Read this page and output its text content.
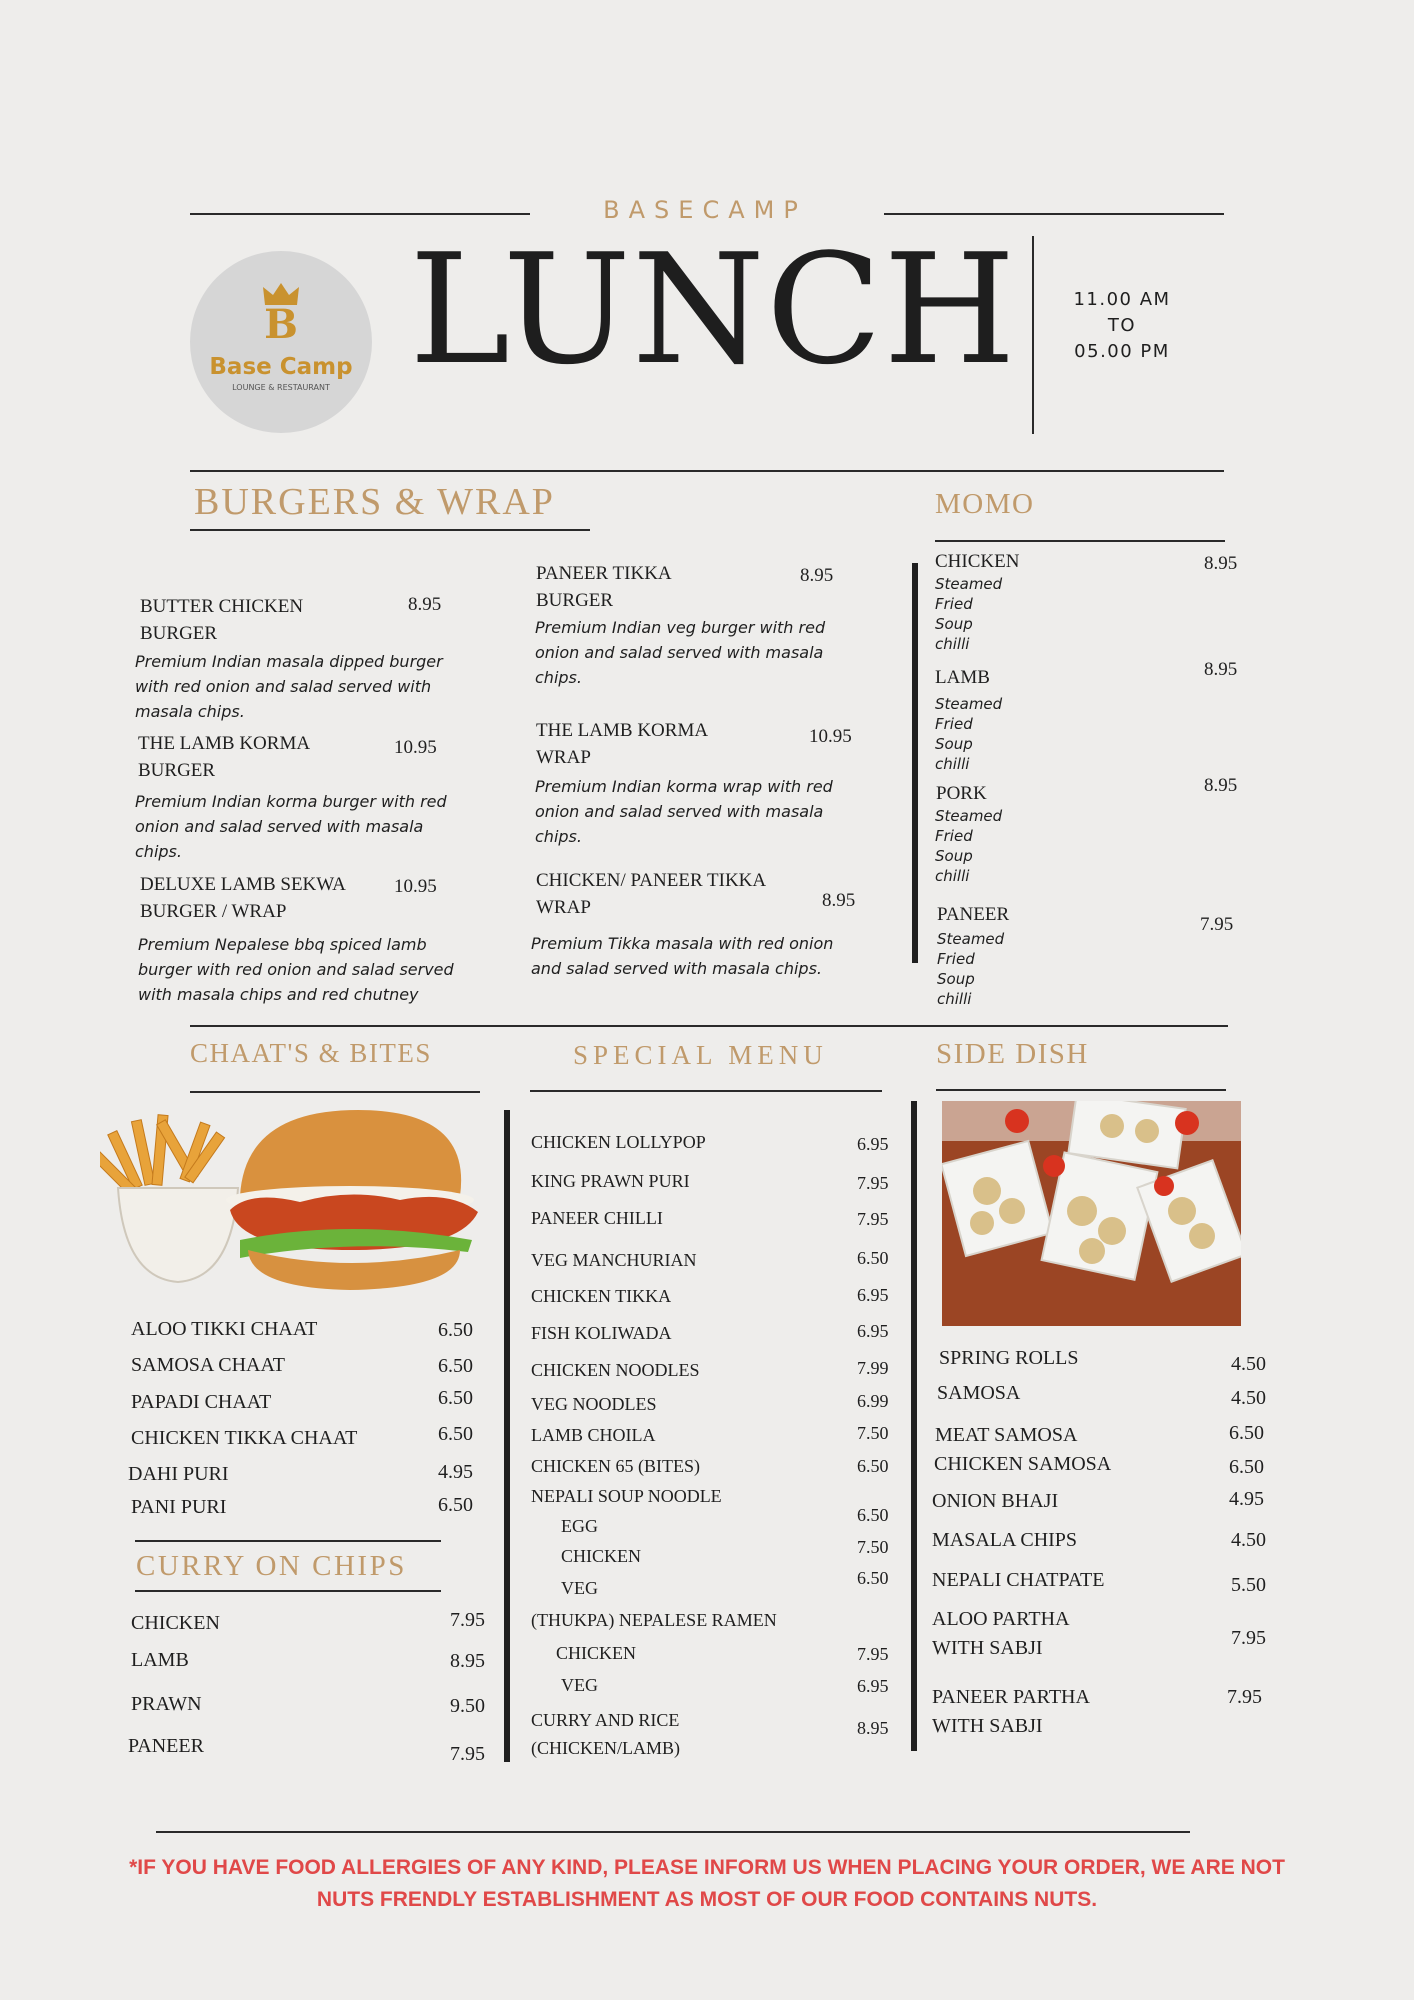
BASECAMP
B
Base Camp
LOUNGE & RESTAURANT LUNCH	11.00 AM
TO
05.00 PM
BURGERS & WRAP
BUTTER CHICKEN
BURGER
8.95
Premium Indian masala dipped burger
with red onion and salad served with
masala chips.
THE LAMB KORMA
BURGER
10.95
Premium Indian korma burger with red
onion and salad served with masala
chips.
DELUXE LAMB SEKWA
BURGER / WRAP
10.95
Premium Nepalese bbq spiced lamb
burger with red onion and salad served
with masala chips and red chutney
PANEER TIKKA
BURGER
8.95
Premium Indian veg burger with red
onion and salad served with masala
chips.
THE LAMB KORMA
WRAP
10.95
Premium Indian korma wrap with red
onion and salad served with masala
chips.
CHICKEN/ PANEER TIKKA
WRAP	8.95
Premium Tikka masala with red onion
and salad served with masala chips.
MOMO
CHICKEN	8.95
Steamed
Fried
Soup
chilli
LAMB	8.95
Steamed
Fried
Soup
chilli
PORK	8.95
Steamed
Fried
Soup
chilli
PANEER	7.95
Steamed
Fried
Soup
chilli
CHAAT'S & BITES
ALOO TIKKI CHAAT	6.50
SAMOSA CHAAT	6.50
PAPADI CHAAT	6.50
CHICKEN TIKKA CHAAT	6.50
DAHI PURI	4.95
PANI PURI	6.50
CURRY ON CHIPS
CHICKEN	7.95
LAMB	8.95
PRAWN	9.50
PANEER	7.95
SPECIAL MENU
CHICKEN LOLLYPOP	6.95
KING PRAWN PURI	7.95
PANEER CHILLI	7.95
VEG MANCHURIAN	6.50
CHICKEN TIKKA	6.95
FISH KOLIWADA	6.95
CHICKEN NOODLES	7.99
VEG NOODLES	6.99
LAMB CHOILA	7.50
CHICKEN 65 (BITES)	6.50
NEPALI SOUP NOODLE
EGG
6.50
CHICKEN	7.50
VEG	6.50
(THUKPA) NEPALESE RAMEN
CHICKEN	7.95
VEG	6.95
CURRY AND RICE
(CHICKEN/LAMB)
8.95
SIDE DISH
SPRING ROLLS	4.50
SAMOSA	4.50
MEAT SAMOSA	6.50
CHICKEN SAMOSA	6.50
ONION BHAJI	4.95
MASALA CHIPS	4.50
NEPALI CHATPATE	5.50
ALOO PARTHA
WITH SABJI	7.95
PANEER PARTHA
WITH SABJI
7.95
*IF YOU HAVE FOOD ALLERGIES OF ANY KIND, PLEASE INFORM US WHEN PLACING YOUR ORDER, WE ARE NOT
NUTS FRENDLY ESTABLISHMENT AS MOST OF OUR FOOD CONTAINS NUTS.
